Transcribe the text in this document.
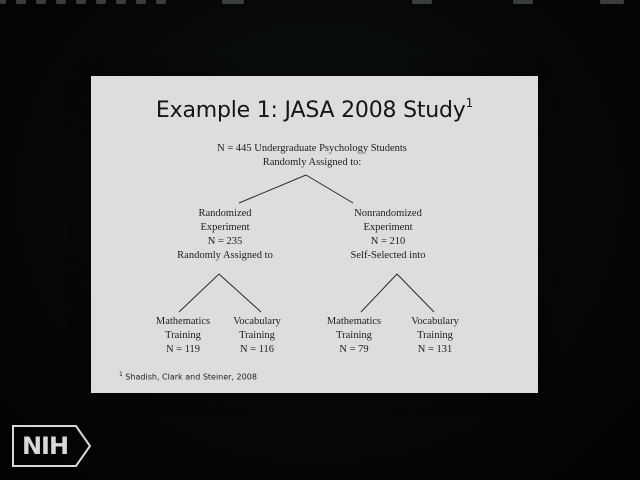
Example 1: JASA 2008 Study$^1$
N = 445 Undergraduate Psychology Students
Randomly Assigned to:
Randomized
Experiment
N = 235
Randomly Assigned to
Nonrandomized
Experiment
N = 210
Self-Selected into
Mathematics
Training
N = 119
Vocabulary
Training
N = 116
Mathematics
Training
N = 79
Vocabulary
Training
N = 131
$^1$ Shadish, Clark and Steiner, 2008
NIH
